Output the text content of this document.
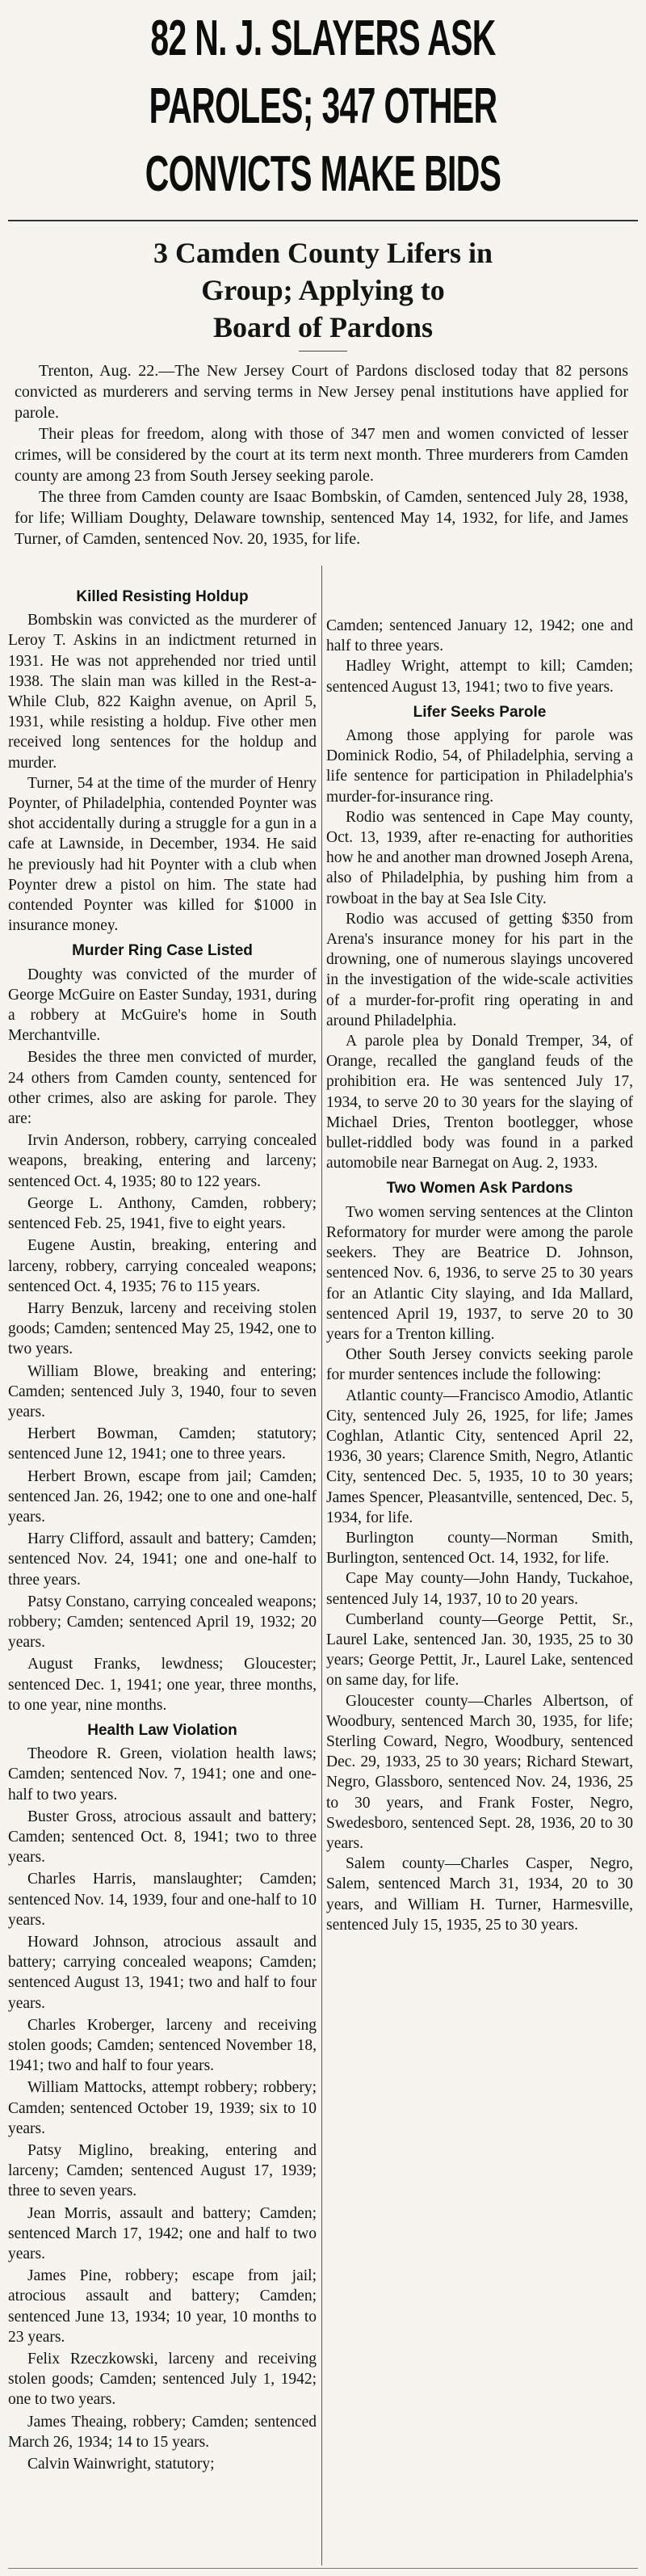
82 N. J. SLAYERS ASK
PAROLES; 347 OTHER
CONVICTS MAKE BIDS
3 Camden County Lifers in
Group; Applying to
Board of Pardons

Trenton, Aug. 22.—The New Jersey Court of Pardons disclosed today that 82 persons convicted as murderers and serving terms in New Jersey penal institutions have applied for parole.

Their pleas for freedom, along with those of 347 men and women convicted of lesser crimes, will be considered by the court at its term next month. Three murderers from Camden county are among 23 from South Jersey seeking parole.

The three from Camden county are Isaac Bombskin, of Camden, sentenced July 28, 1938, for life; William Doughty, Delaware township, sentenced May 14, 1932, for life, and James Turner, of Camden, sentenced Nov. 20, 1935, for life.

Killed Resisting Holdup

Bombskin was convicted as the murderer of Leroy T. Askins in an indictment returned in 1931. He was not apprehended nor tried until 1938. The slain man was killed in the Rest-a-While Club, 822 Kaighn avenue, on April 5, 1931, while resisting a holdup. Five other men received long sentences for the holdup and murder.

Turner, 54 at the time of the murder of Henry Poynter, of Philadelphia, contended Poynter was shot accidentally during a struggle for a gun in a cafe at Lawnside, in December, 1934. He said he previously had hit Poynter with a club when Poynter drew a pistol on him. The state had contended Poynter was killed for $1000 in insurance money.

Murder Ring Case Listed

Doughty was convicted of the murder of George McGuire on Easter Sunday, 1931, during a robbery at McGuire's home in South Merchantville.

Besides the three men convicted of murder, 24 others from Camden county, sentenced for other crimes, also are asking for parole. They are:

Irvin Anderson, robbery, carrying concealed weapons, breaking, entering and larceny; sentenced Oct. 4, 1935; 80 to 122 years.

George L. Anthony, Camden, robbery; sentenced Feb. 25, 1941, five to eight years.

Eugene Austin, breaking, entering and larceny, robbery, carrying concealed weapons; sentenced Oct. 4, 1935; 76 to 115 years.

Harry Benzuk, larceny and receiving stolen goods; Camden; sentenced May 25, 1942, one to two years.

William Blowe, breaking and entering; Camden; sentenced July 3, 1940, four to seven years.

Herbert Bowman, Camden; statutory; sentenced June 12, 1941; one to three years.

Herbert Brown, escape from jail; Camden; sentenced Jan. 26, 1942; one to one and one-half years.

Harry Clifford, assault and battery; Camden; sentenced Nov. 24, 1941; one and one-half to three years.

Patsy Constano, carrying concealed weapons; robbery; Camden; sentenced April 19, 1932; 20 years.

August Franks, lewdness; Gloucester; sentenced Dec. 1, 1941; one year, three months, to one year, nine months.

Health Law Violation

Theodore R. Green, violation health laws; Camden; sentenced Nov. 7, 1941; one and one-half to two years.

Buster Gross, atrocious assault and battery; Camden; sentenced Oct. 8, 1941; two to three years.

Charles Harris, manslaughter; Camden; sentenced Nov. 14, 1939, four and one-half to 10 years.

Howard Johnson, atrocious assault and battery; carrying concealed weapons; Camden; sentenced August 13, 1941; two and half to four years.

Charles Kroberger, larceny and receiving stolen goods; Camden; sentenced November 18, 1941; two and half to four years.

William Mattocks, attempt robbery; robbery; Camden; sentenced October 19, 1939; six to 10 years.

Patsy Miglino, breaking, entering and larceny; Camden; sentenced August 17, 1939; three to seven years.

Jean Morris, assault and battery; Camden; sentenced March 17, 1942; one and half to two years.

James Pine, robbery; escape from jail; atrocious assault and battery; Camden; sentenced June 13, 1934; 10 year, 10 months to 23 years.

Felix Rzeczkowski, larceny and receiving stolen goods; Camden; sentenced July 1, 1942; one to two years.

James Theaing, robbery; Camden; sentenced March 26, 1934; 14 to 15 years.

Calvin Wainwright, statutory;

Camden; sentenced January 12, 1942; one and half to three years.

Hadley Wright, attempt to kill; Camden; sentenced August 13, 1941; two to five years.

Lifer Seeks Parole

Among those applying for parole was Dominick Rodio, 54, of Philadelphia, serving a life sentence for participation in Philadelphia's murder-for-insurance ring.

Rodio was sentenced in Cape May county, Oct. 13, 1939, after re-enacting for authorities how he and another man drowned Joseph Arena, also of Philadelphia, by pushing him from a rowboat in the bay at Sea Isle City.

Rodio was accused of getting $350 from Arena's insurance money for his part in the drowning, one of numerous slayings uncovered in the investigation of the wide-scale activities of a murder-for-profit ring operating in and around Philadelphia.

A parole plea by Donald Tremper, 34, of Orange, recalled the gangland feuds of the prohibition era. He was sentenced July 17, 1934, to serve 20 to 30 years for the slaying of Michael Dries, Trenton bootlegger, whose bullet-riddled body was found in a parked automobile near Barnegat on Aug. 2, 1933.

Two Women Ask Pardons

Two women serving sentences at the Clinton Reformatory for murder were among the parole seekers. They are Beatrice D. Johnson, sentenced Nov. 6, 1936, to serve 25 to 30 years for an Atlantic City slaying, and Ida Mallard, sentenced April 19, 1937, to serve 20 to 30 years for a Trenton killing.

Other South Jersey convicts seeking parole for murder sentences include the following:

Atlantic county—Francisco Amodio, Atlantic City, sentenced July 26, 1925, for life; James Coghlan, Atlantic City, sentenced April 22, 1936, 30 years; Clarence Smith, Negro, Atlantic City, sentenced Dec. 5, 1935, 10 to 30 years; James Spencer, Pleasantville, sentenced, Dec. 5, 1934, for life.

Burlington county—Norman Smith, Burlington, sentenced Oct. 14, 1932, for life.

Cape May county—John Handy, Tuckahoe, sentenced July 14, 1937, 10 to 20 years.

Cumberland county—George Pettit, Sr., Laurel Lake, sentenced Jan. 30, 1935, 25 to 30 years; George Pettit, Jr., Laurel Lake, sentenced on same day, for life.

Gloucester county—Charles Albertson, of Woodbury, sentenced March 30, 1935, for life; Sterling Coward, Negro, Woodbury, sentenced Dec. 29, 1933, 25 to 30 years; Richard Stewart, Negro, Glassboro, sentenced Nov. 24, 1936, 25 to 30 years, and Frank Foster, Negro, Swedesboro, sentenced Sept. 28, 1936, 20 to 30 years.

Salem county—Charles Casper, Negro, Salem, sentenced March 31, 1934, 20 to 30 years, and William H. Turner, Harmesville, sentenced July 15, 1935, 25 to 30 years.
